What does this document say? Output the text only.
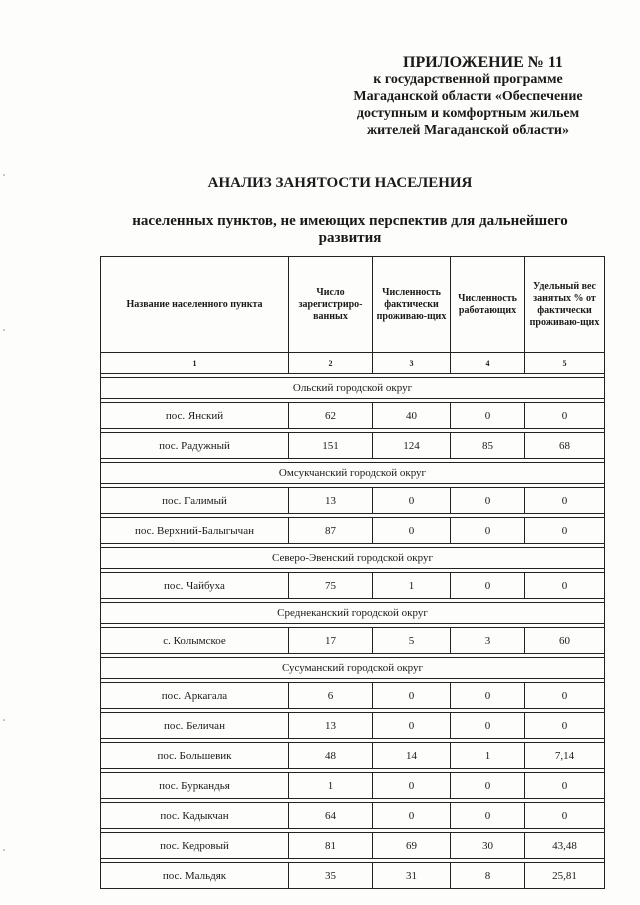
ПРИЛОЖЕНИЕ № 11
к государственной программе
Магаданской области «Обеспечение
доступным и комфортным жильем
жителей Магаданской области»
АНАЛИЗ ЗАНЯТОСТИ НАСЕЛЕНИЯ
населенных пунктов, не имеющих перспектив для дальнейшего
развития
Название населенного пункта	Число зарегистриро-ванных	Численность фактически проживаю-щих	Численность работающих	Удельный вес занятых % от фактически проживаю-щих
1	2	3	4	5

Ольский городской округ				

пос. Янский	62	40	0	0

пос. Радужный	151	124	85	68

Омсукчанский городской округ				

пос. Галимый	13	0	0	0

пос. Верхний-Балыгычан	87	0	0	0

Северо-Эвенский городской округ				

пос. Чайбуха	75	1	0	0

Среднеканский городской округ				

с. Колымское	17	5	3	60

Сусуманский городской округ				

пос. Аркагала	6	0	0	0

пос. Беличан	13	0	0	0

пос. Большевик	48	14	1	7,14

пос. Буркандья	1	0	0	0

пос. Кадыкчан	64	0	0	0

пос. Кедровый	81	69	30	43,48

пос. Мальдяк	35	31	8	25,81
